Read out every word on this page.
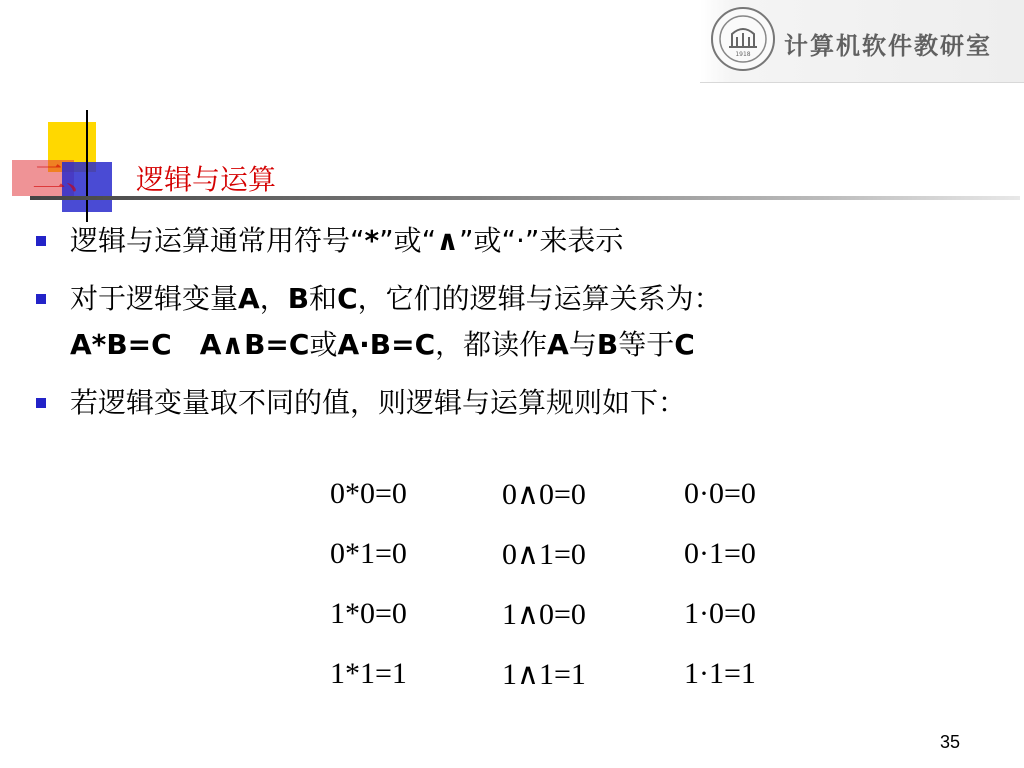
1918 计算机软件教研室
二、 逻辑与运算
逻辑与运算通常用符号“*”或“∧”或“·”来表示
对于逻辑变量A，B和C，它们的逻辑与运算关系为：
A*B=C　 A∧B=C或A·B=C，都读作A与B等于C
若逻辑变量取不同的值，则逻辑与运算规则如下：
0*0=0	0∧0=0	0·0=0
0*1=0	0∧1=0	0·1=0
1*0=0	1∧0=0	1·0=0
1*1=1	1∧1=1	1·1=1
35
